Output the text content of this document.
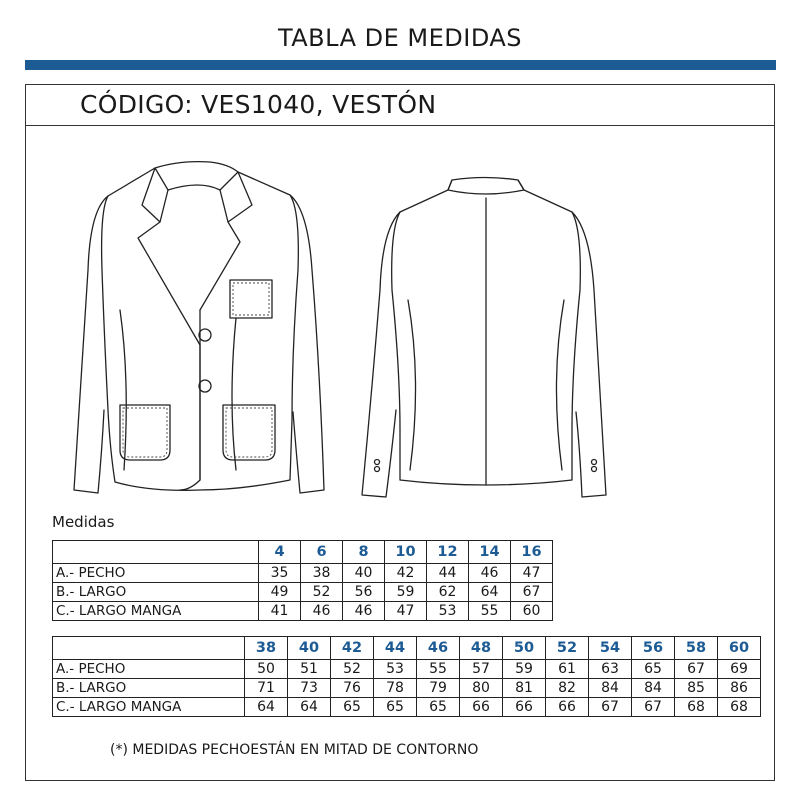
TABLA DE MEDIDAS
CÓDIGO: VES1040, VESTÓN
Medidas
	4	6	8	10	12	14	16
A.- PECHO	35	38	40	42	44	46	47
B.- LARGO	49	52	56	59	62	64	67
C.- LARGO MANGA	41	46	46	47	53	55	60
	38	40	42	44	46	48	50	52	54	56	58	60
A.- PECHO	50	51	52	53	55	57	59	61	63	65	67	69
B.- LARGO	71	73	76	78	79	80	81	82	84	84	85	86
C.- LARGO MANGA	64	64	65	65	65	66	66	66	67	67	68	68
(*) MEDIDAS PECHOESTÁN EN MITAD DE CONTORNO
